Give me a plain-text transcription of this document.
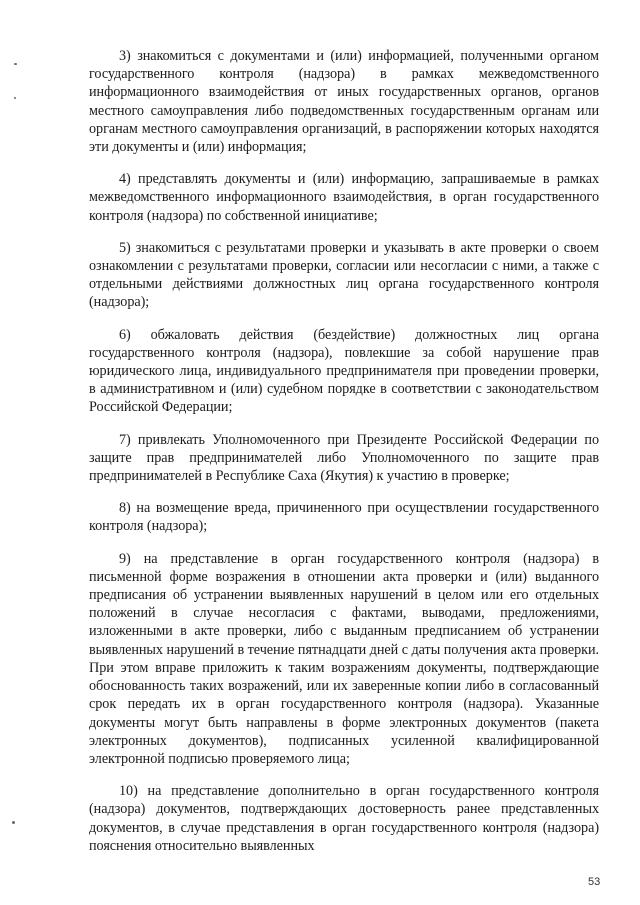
3) знакомиться с документами и (или) информацией, полученными органом государственного контроля (надзора) в рамках межведомственного информационного взаимодействия от иных государственных органов, органов местного самоуправления либо подведомственных государственным органам или органам местного самоуправления организаций, в распоряжении которых находятся эти документы и (или) информация;

4) представлять документы и (или) информацию, запрашиваемые в рамках межведомственного информационного взаимодействия, в орган государственного контроля (надзора) по собственной инициативе;

5) знакомиться с результатами проверки и указывать в акте проверки о своем ознакомлении с результатами проверки, согласии или несогласии с ними, а также с отдельными действиями должностных лиц органа государственного контроля (надзора);

6) обжаловать действия (бездействие) должностных лиц органа государственного контроля (надзора), повлекшие за собой нарушение прав юридического лица, индивидуального предпринимателя при проведении проверки, в административном и (или) судебном порядке в соответствии с законодательством Российской Федерации;

7) привлекать Уполномоченного при Президенте Российской Федерации по защите прав предпринимателей либо Уполномоченного по защите прав предпринимателей в Республике Саха (Якутия) к участию в проверке;

8) на возмещение вреда, причиненного при осуществлении государственного контроля (надзора);

9) на представление в орган государственного контроля (надзора) в письменной форме возражения в отношении акта проверки и (или) выданного предписания об устранении выявленных нарушений в целом или его отдельных положений в случае несогласия с фактами, выводами, предложениями, изложенными в акте проверки, либо с выданным предписанием об устранении выявленных нарушений в течение пятнадцати дней с даты получения акта проверки. При этом вправе приложить к таким возражениям документы, подтверждающие обоснованность таких возражений, или их заверенные копии либо в согласованный срок передать их в орган государственного контроля (надзора). Указанные документы могут быть направлены в форме электронных документов (пакета электронных документов), подписанных усиленной квалифицированной электронной подписью проверяемого лица;

10) на представление дополнительно в орган государственного контроля (надзора) документов, подтверждающих достоверность ранее представленных документов, в случае представления в орган государственного контроля (надзора) пояснения относительно выявленных

53
